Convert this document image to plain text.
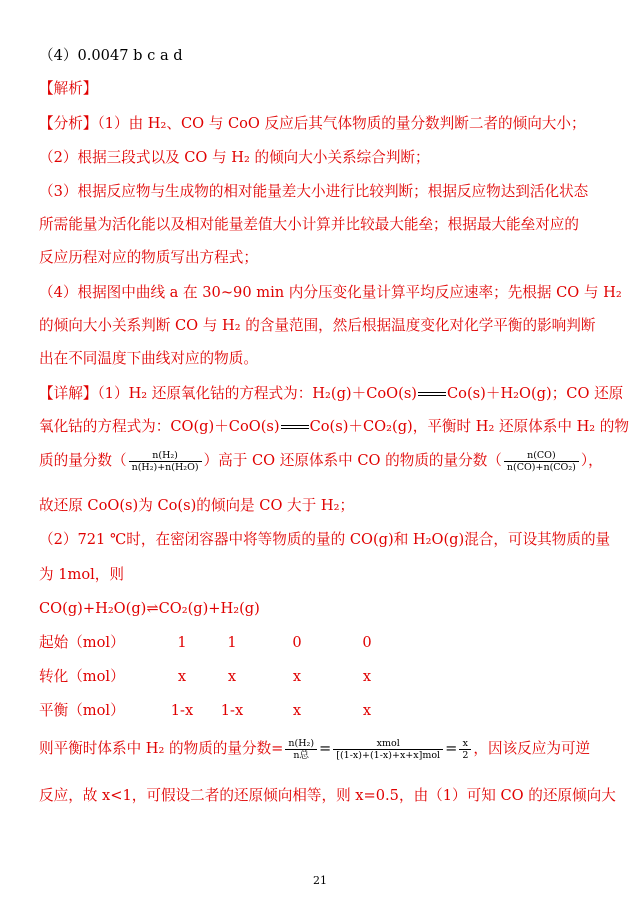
（4）0.0047 b c a d
【解析】
【分析】（1）由 H₂、CO 与 CoO 反应后其气体物质的量分数判断二者的倾向大小；
（2）根据三段式以及 CO 与 H₂ 的倾向大小关系综合判断；
（3）根据反应物与生成物的相对能量差大小进行比较判断；根据反应物达到活化状态
所需能量为活化能以及相对能量差值大小计算并比较最大能垒；根据最大能垒对应的
反应历程对应的物质写出方程式；
（4）根据图中曲线 a 在 30~90 min 内分压变化量计算平均反应速率；先根据 CO 与 H₂
的倾向大小关系判断 CO 与 H₂ 的含量范围，然后根据温度变化对化学平衡的影响判断
出在不同温度下曲线对应的物质。
【详解】（1）H₂ 还原氧化钴的方程式为：H₂(g)＋CoO(s) Co(s)＋H₂O(g)；CO 还原
氧化钴的方程式为：CO(g)＋CoO(s) Co(s)＋CO₂(g)，平衡时 H₂ 还原体系中 H₂ 的物
质的量分数（ $\frac{\text{n(H₂)}}{\text{n(H₂)+n(H₂O)}}$ ）高于 CO 还原体系中 CO 的物质的量分数（ $\frac{n(CO)}{\text{n(CO)+n(CO₂)}}$ ），
故还原 CoO(s)为 Co(s)的倾向是 CO 大于 H₂；
（2）721 ℃时，在密闭容器中将等物质的量的 CO(g)和 H₂O(g)混合，可设其物质的量
为 1mol，则
CO(g)+H₂O(g)⇌CO₂(g)+H₂(g)
起始（mol）	1	1	0	0
转化（mol）	x	x	x	x
平衡（mol）	1-x 1-x	x	x
则平衡时体系中 H₂ 的物质的量分数= $\frac{\text{n(H₂)}}{\text{n总}} = \frac{\text{xmol}}{\text{[(1-x)+(1-x)+x+x]mol}} = \frac{x}{2}$ ，因该反应为可逆
反应，故 x<1，可假设二者的还原倾向相等，则 x=0.5，由（1）可知 CO 的还原倾向大
21
